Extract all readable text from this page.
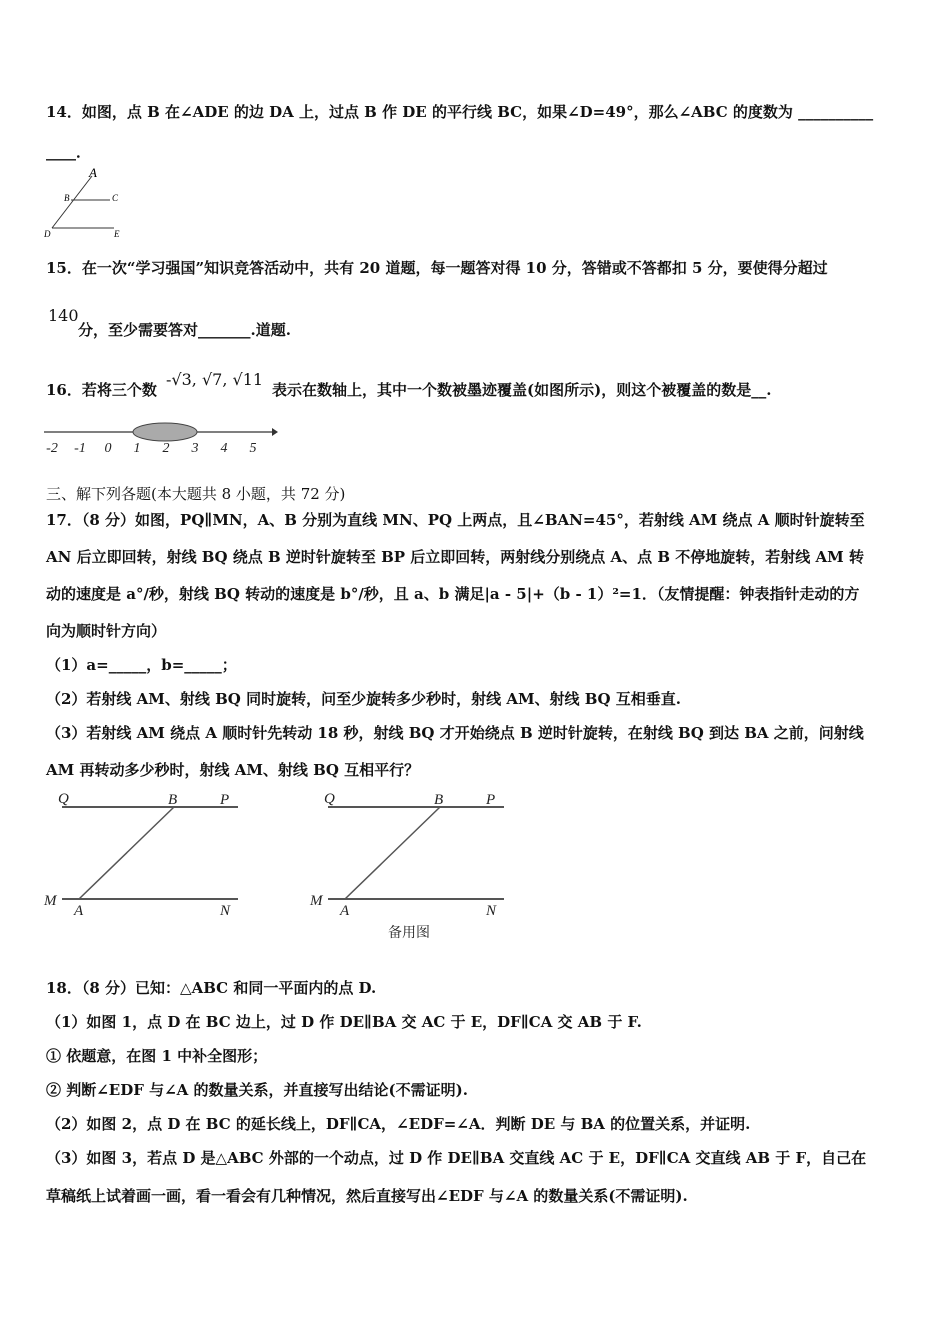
14．如图，点 B 在∠ADE 的边 DA 上，过点 B 作 DE 的平行线 BC，如果∠D=49°，那么∠ABC 的度数为 __________
____．
A
B	C
D	E
15．在一次“学习强国”知识竞答活动中，共有 20 道题，每一题答对得 10 分，答错或不答都扣 5 分，要使得分超过
140
分，至少需要答对_______.道题.
16．若将三个数
-√3, √7, √11
表示在数轴上，其中一个数被墨迹覆盖(如图所示)，则这个被覆盖的数是__.
-2 -1 0 1 2 3 4 5
三、解下列各题(本大题共 8 小题，共 72 分)
17．（8 分）如图，PQ∥MN，A、B 分别为直线 MN、PQ 上两点，且∠BAN=45°，若射线 AM 绕点 A 顺时针旋转至
AN 后立即回转，射线 BQ 绕点 B 逆时针旋转至 BP 后立即回转，两射线分别绕点 A、点 B 不停地旋转，若射线 AM 转
动的速度是 a°/秒，射线 BQ 转动的速度是 b°/秒，且 a、b 满足|a - 5|+（b - 1）²=1．（友情提醒：钟表指针走动的方
向为顺时针方向）
（1）a=_____，b=_____；
（2）若射线 AM、射线 BQ 同时旋转，问至少旋转多少秒时，射线 AM、射线 BQ 互相垂直.
（3）若射线 AM 绕点 A 顺时针先转动 18 秒，射线 BQ 才开始绕点 B 逆时针旋转，在射线 BQ 到达 BA 之前，问射线
AM 再转动多少秒时，射线 AM、射线 BQ 互相平行？
Q	B	P
M
A	N
Q	B	P
M
A	N
备用图
18．（8 分）已知：△ABC 和同一平面内的点 D.
（1）如图 1，点 D 在 BC 边上，过 D 作 DE∥BA 交 AC 于 E，DF∥CA 交 AB 于 F.
① 依题意，在图 1 中补全图形；
② 判断∠EDF 与∠A 的数量关系，并直接写出结论(不需证明).
（2）如图 2，点 D 在 BC 的延长线上，DF∥CA，∠EDF=∠A．判断 DE 与 BA 的位置关系，并证明.
（3）如图 3，若点 D 是△ABC 外部的一个动点，过 D 作 DE∥BA 交直线 AC 于 E，DF∥CA 交直线 AB 于 F，自己在
草稿纸上试着画一画，看一看会有几种情况，然后直接写出∠EDF 与∠A 的数量关系(不需证明).
